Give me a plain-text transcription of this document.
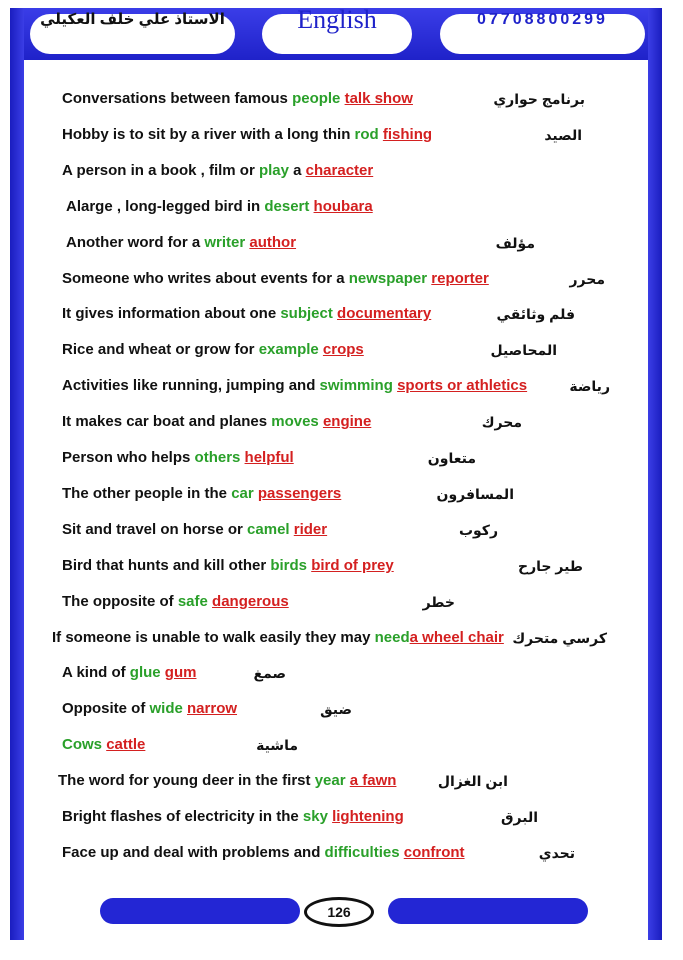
الاستاذ علي خلف العكيلي	English	07708800299
Conversations between famous people talk show	برنامج حواري
Hobby is to sit by a river with a long thin rod fishing	الصيد
A person in a book , film or play a character
Alarge , long-legged bird in desert houbara
Another word for a writer author	مؤلف
Someone who writes about events for a newspaper reporter	محرر
It gives information about one subject documentary	فلم وثائقي
Rice and wheat or grow for example crops	المحاصيل
Activities like running, jumping and swimming sports or athletics	رياضة
It makes car boat and planes moves engine	محرك
Person who helps others helpful	متعاون
The other people in the car passengers	المسافرون
Sit and travel on horse or camel rider	ركوب
Bird that hunts and kill other birds bird of prey	طير جارح
The opposite of safe dangerous	خطر
If someone is unable to walk easily they may needa wheel chair كرسي متحرك
A kind of glue gum	صمغ
Opposite of wide narrow	ضيق
Cows cattle	ماشية
The word for young deer in the first year a fawn	ابن الغزال
Bright flashes of electricity in the sky lightening	البرق
Face up and deal with problems and difficulties confront	تحدي
126
